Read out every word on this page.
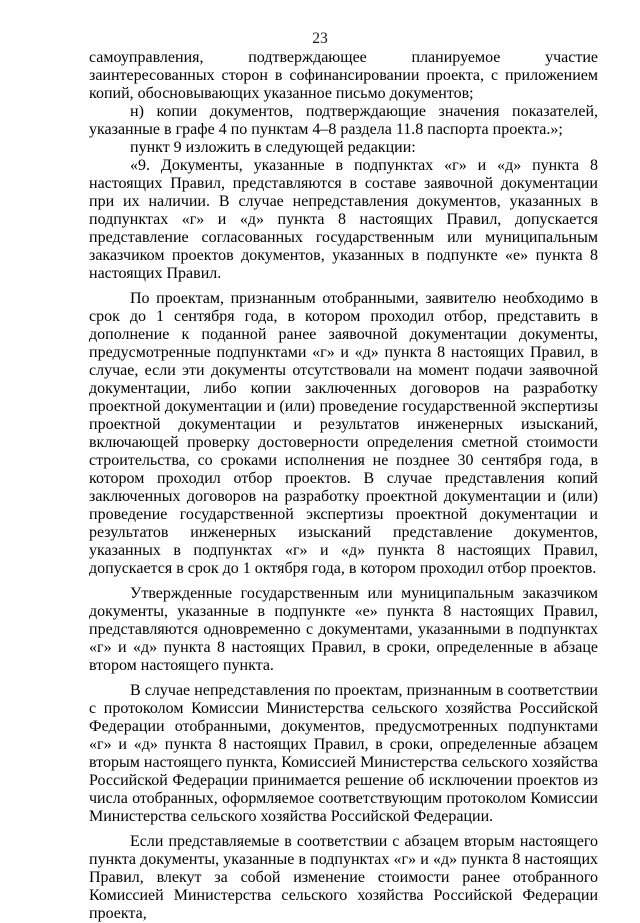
23

самоуправления, подтверждающее планируемое участие заинтересованных сторон в софинансировании проекта, с приложением копий, обосновывающих указанное письмо документов;

н) копии документов, подтверждающие значения показателей, указанные в графе 4 по пунктам 4–8 раздела 11.8 паспорта проекта.»;

пункт 9 изложить в следующей редакции:

«9. Документы, указанные в подпунктах «г» и «д» пункта 8 настоящих Правил, представляются в составе заявочной документации при их наличии. В случае непредставления документов, указанных в подпунктах «г» и «д» пункта 8 настоящих Правил, допускается представление согласованных государственным или муниципальным заказчиком проектов документов, указанных в подпункте «е» пункта 8 настоящих Правил.

По проектам, признанным отобранными, заявителю необходимо в срок до 1 сентября года, в котором проходил отбор, представить в дополнение к поданной ранее заявочной документации документы, предусмотренные подпунктами «г» и «д» пункта 8 настоящих Правил, в случае, если эти документы отсутствовали на момент подачи заявочной документации, либо копии заключенных договоров на разработку проектной документации и (или) проведение государственной экспертизы проектной документации и результатов инженерных изысканий, включающей проверку достоверности определения сметной стоимости строительства, со сроками исполнения не позднее 30 сентября года, в котором проходил отбор проектов. В случае представления копий заключенных договоров на разработку проектной документации и (или) проведение государственной экспертизы проектной документации и результатов инженерных изысканий представление документов, указанных в подпунктах «г» и «д» пункта 8 настоящих Правил, допускается в срок до 1 октября года, в котором проходил отбор проектов.

Утвержденные государственным или муниципальным заказчиком документы, указанные в подпункте «е» пункта 8 настоящих Правил, представляются одновременно с документами, указанными в подпунктах «г» и «д» пункта 8 настоящих Правил, в сроки, определенные в абзаце втором настоящего пункта.

В случае непредставления по проектам, признанным в соответствии с протоколом Комиссии Министерства сельского хозяйства Российской Федерации отобранными, документов, предусмотренных подпунктами «г» и «д» пункта 8 настоящих Правил, в сроки, определенные абзацем вторым настоящего пункта, Комиссией Министерства сельского хозяйства Российской Федерации принимается решение об исключении проектов из числа отобранных, оформляемое соответствующим протоколом Комиссии Министерства сельского хозяйства Российской Федерации.

Если представляемые в соответствии с абзацем вторым настоящего пункта документы, указанные в подпунктах «г» и «д» пункта 8 настоящих Правил, влекут за собой изменение стоимости ранее отобранного Комиссией Министерства сельского хозяйства Российской Федерации проекта,
